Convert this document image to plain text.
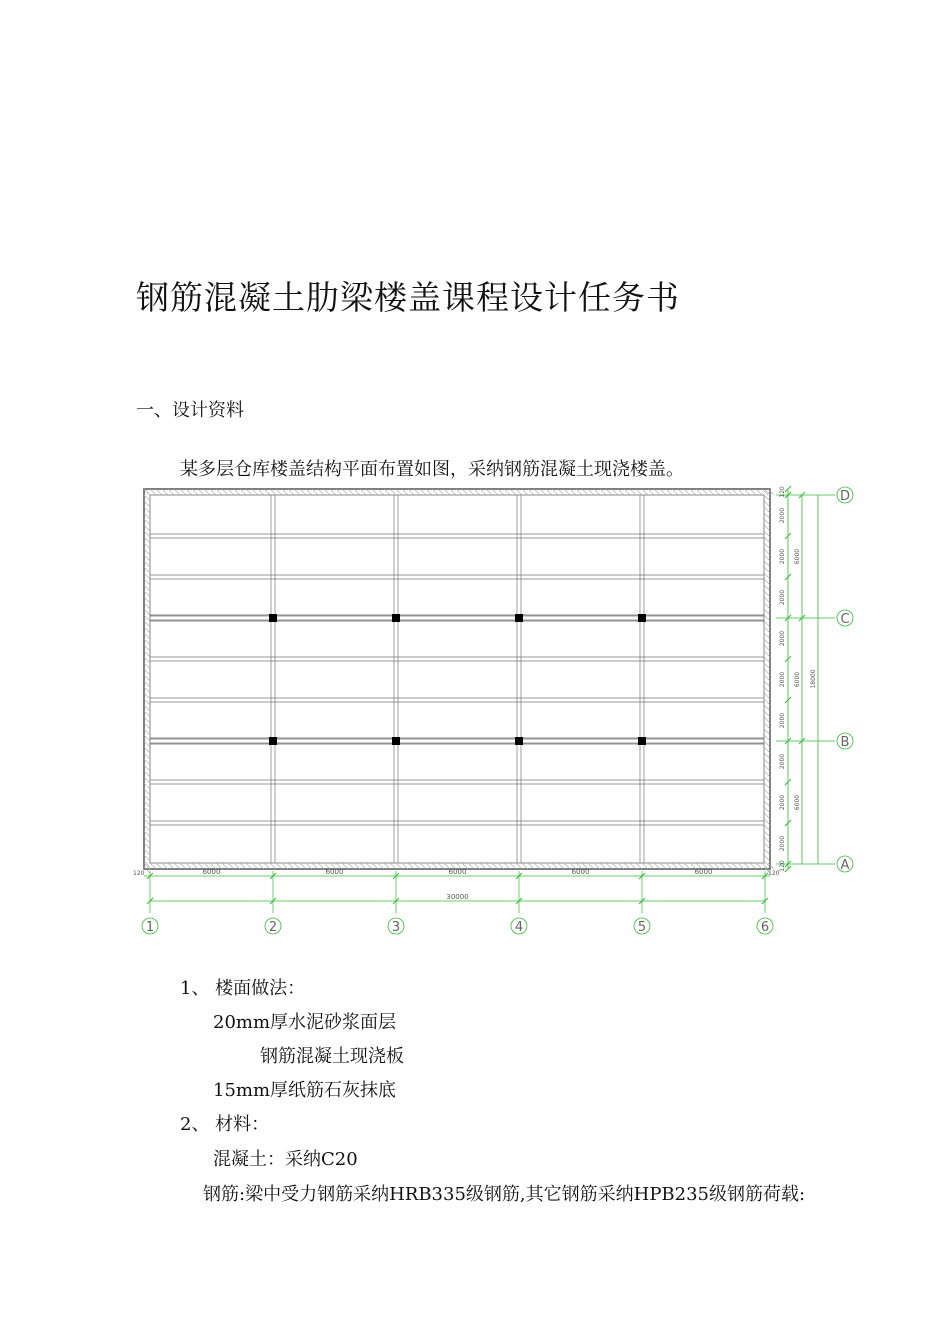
钢筋混凝土肋梁楼盖课程设计任务书
一、设计资料
某多层仓库楼盖结构平面布置如图，采纳钢筋混凝土现浇楼盖。
1	2	3	4	5	6
6000	6000	6000	6000	6000
30000
120	120
120
2000
2000
2000
2000
2000
2000
2000
2000
2000
120
6000
6000
6000
18000
A
B
C
D
1、 楼面做法：
20mm厚水泥砂浆面层
钢筋混凝土现浇板
15mm厚纸筋石灰抹底
2、 材料：
混凝土：采纳C20
钢筋:梁中受力钢筋采纳HRB335级钢筋,其它钢筋采纳HPB235级钢筋荷载:
